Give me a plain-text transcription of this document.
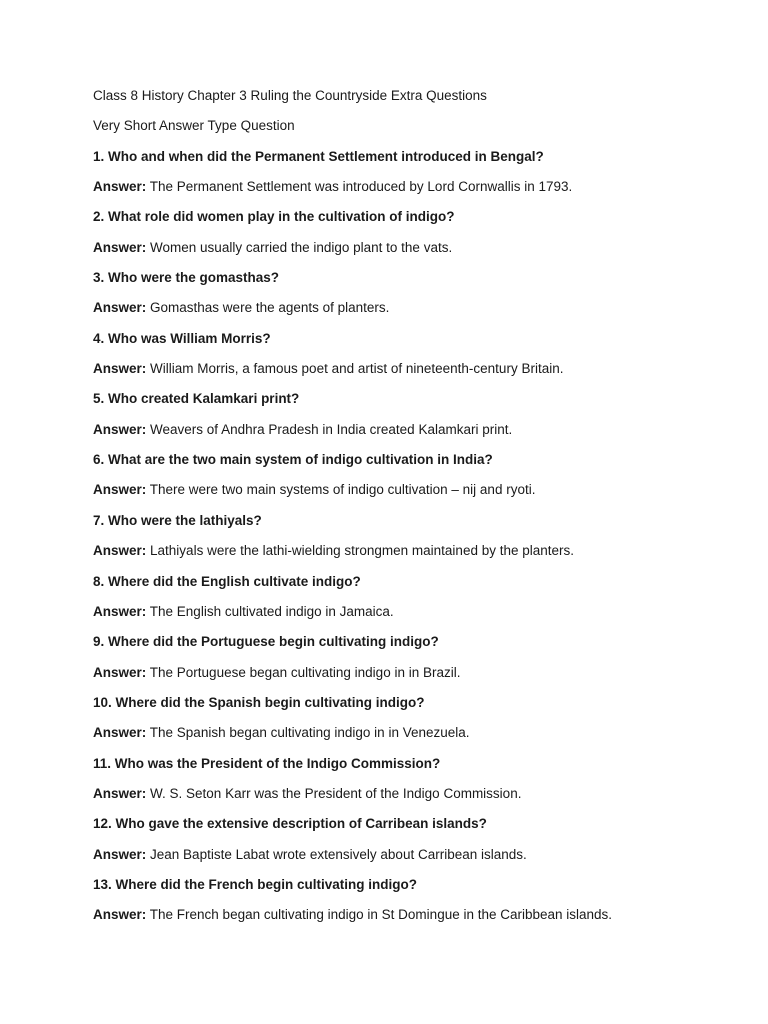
Class 8 History Chapter 3 Ruling the Countryside Extra Questions
Very Short Answer Type Question
1. Who and when did the Permanent Settlement introduced in Bengal?
Answer: The Permanent Settlement was introduced by Lord Cornwallis in 1793.
2. What role did women play in the cultivation of indigo?
Answer: Women usually carried the indigo plant to the vats.
3. Who were the gomasthas?
Answer: Gomasthas were the agents of planters.
4. Who was William Morris?
Answer: William Morris, a famous poet and artist of nineteenth-century Britain.
5. Who created Kalamkari print?
Answer: Weavers of Andhra Pradesh in India created Kalamkari print.
6. What are the two main system of indigo cultivation in India?
Answer: There were two main systems of indigo cultivation – nij and ryoti.
7. Who were the lathiyals?
Answer: Lathiyals were the lathi-wielding strongmen maintained by the planters.
8. Where did the English cultivate indigo?
Answer: The English cultivated indigo in Jamaica.
9. Where did the Portuguese begin cultivating indigo?
Answer: The Portuguese began cultivating indigo in in Brazil.
10. Where did the Spanish begin cultivating indigo?
Answer: The Spanish began cultivating indigo in in Venezuela.
11. Who was the President of the Indigo Commission?
Answer: W. S. Seton Karr was the President of the Indigo Commission.
12. Who gave the extensive description of Carribean islands?
Answer: Jean Baptiste Labat wrote extensively about Carribean islands.
13. Where did the French begin cultivating indigo?
Answer: The French began cultivating indigo in St Domingue in the Caribbean islands.
